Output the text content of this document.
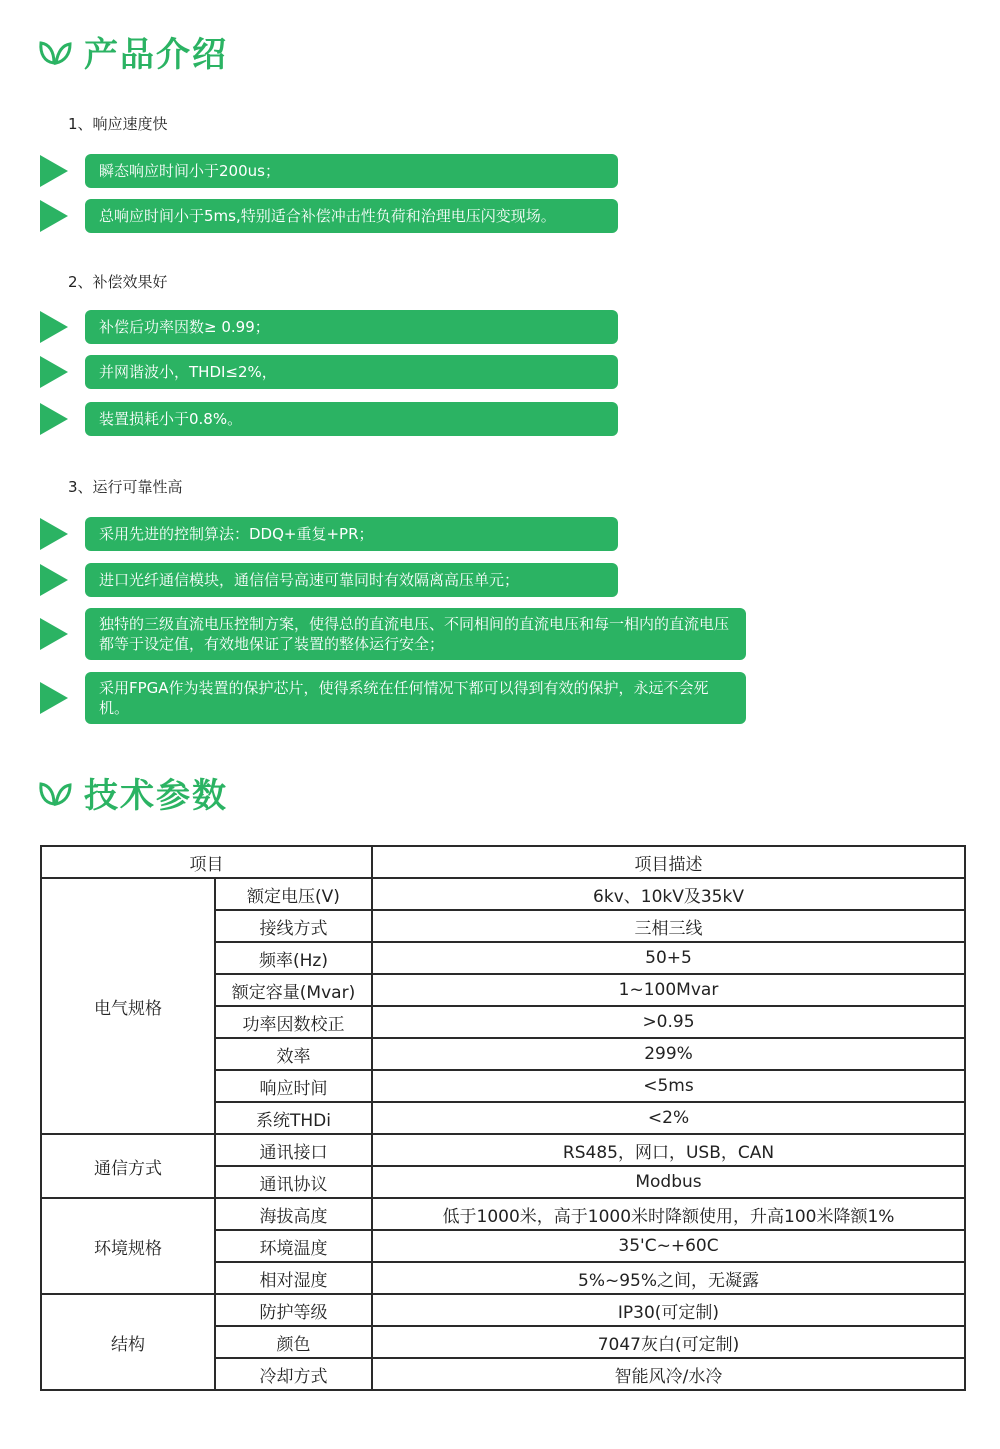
产品介绍
1、响应速度快
瞬态响应时间小于200us；
总响应时间小于5ms,特别适合补偿冲击性负荷和治理电压闪变现场。
2、补偿效果好
补偿后功率因数≥ 0.99；
并网谐波小，THDI≤2%，
装置损耗小于0.8%。
3、运行可靠性高
采用先进的控制算法：DDQ+重复+PR；
进口光纤通信模块，通信信号高速可靠同时有效隔离高压单元；
独特的三级直流电压控制方案，使得总的直流电压、不同相间的直流电压和每一相内的直流电压都等于设定值，有效地保证了装置的整体运行安全；
采用FPGA作为装置的保护芯片，使得系统在任何情况下都可以得到有效的保护，永远不会死机。
技术参数
项目		项目描述
电气规格	额定电压(V)	6kv、10kV及35kV
	接线方式	三相三线
	频率(Hz)	50+5
	额定容量(Mvar)	1~100Mvar
	功率因数校正	>0.95
	效率	299%
	响应时间	<5ms
	系统THDi	<2%
通信方式	通讯接口	RS485，网口，USB，CAN
	通讯协议	Modbus
环境规格	海拔高度	低于1000米，高于1000米时降额使用，升高100米降额1%
	环境温度	35'C~+60C
	相对湿度	5%~95%之间，无凝露
结构	防护等级	IP30(可定制)
	颜色	7047灰白(可定制)
	冷却方式	智能风冷/水冷
